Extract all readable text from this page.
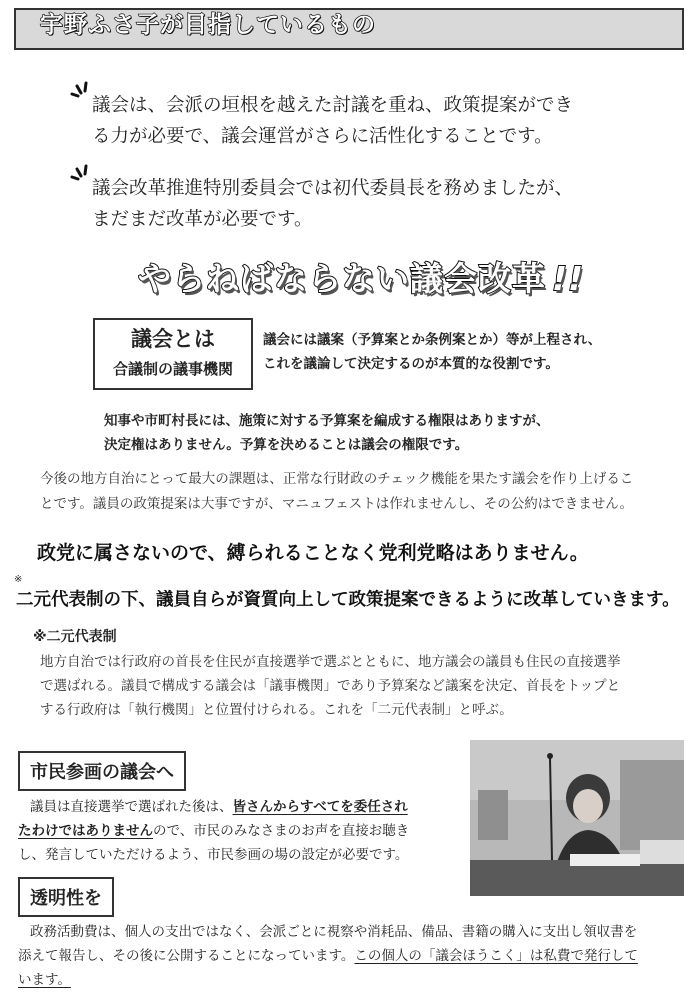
宇野ふさ子が目指しているもの
議会は、会派の垣根を越えた討議を重ね、政策提案ができ
る力が必要で、議会運営がさらに活性化することです。
議会改革推進特別委員会では初代委員長を務めましたが、
まだまだ改革が必要です。
やらねばならない議会改革 !!
議会とは
合議制の議事機関
議会には議案（予算案とか条例案とか）等が上程され、
これを議論して決定するのが本質的な役割です。
知事や市町村長には、施策に対する予算案を編成する権限はありますが、
決定権はありません。予算を決めることは議会の権限です。
今後の地方自治にとって最大の課題は、正常な行財政のチェック機能を果たす議会を作り上げるこ
とです。議員の政策提案は大事ですが、マニュフェストは作れませんし、その公約はできません。
政党に属さないので、縛られることなく党利党略はありません。
※
二元代表制の下、議員自らが資質向上して政策提案できるように改革していきます。
※二元代表制
地方自治では行政府の首長を住民が直接選挙で選ぶとともに、地方議会の議員も住民の直接選挙
で選ばれる。議員で構成する議会は「議事機関」であり予算案など議案を決定、首長をトップと
する行政府は「執行機関」と位置付けられる。これを「二元代表制」と呼ぶ。
市民参画の議会へ
議員は直接選挙で選ばれた後は、皆さんからすべてを委任され
たわけではありませんので、市民のみなさまのお声を直接お聴き
し、発言していただけるよう、市民参画の場の設定が必要です。
透明性を
政務活動費は、個人の支出ではなく、会派ごとに視察や消耗品、備品、書籍の購入に支出し領収書を
添えて報告し、その後に公開することになっています。この個人の「議会ほうこく」は私費で発行して
います。
